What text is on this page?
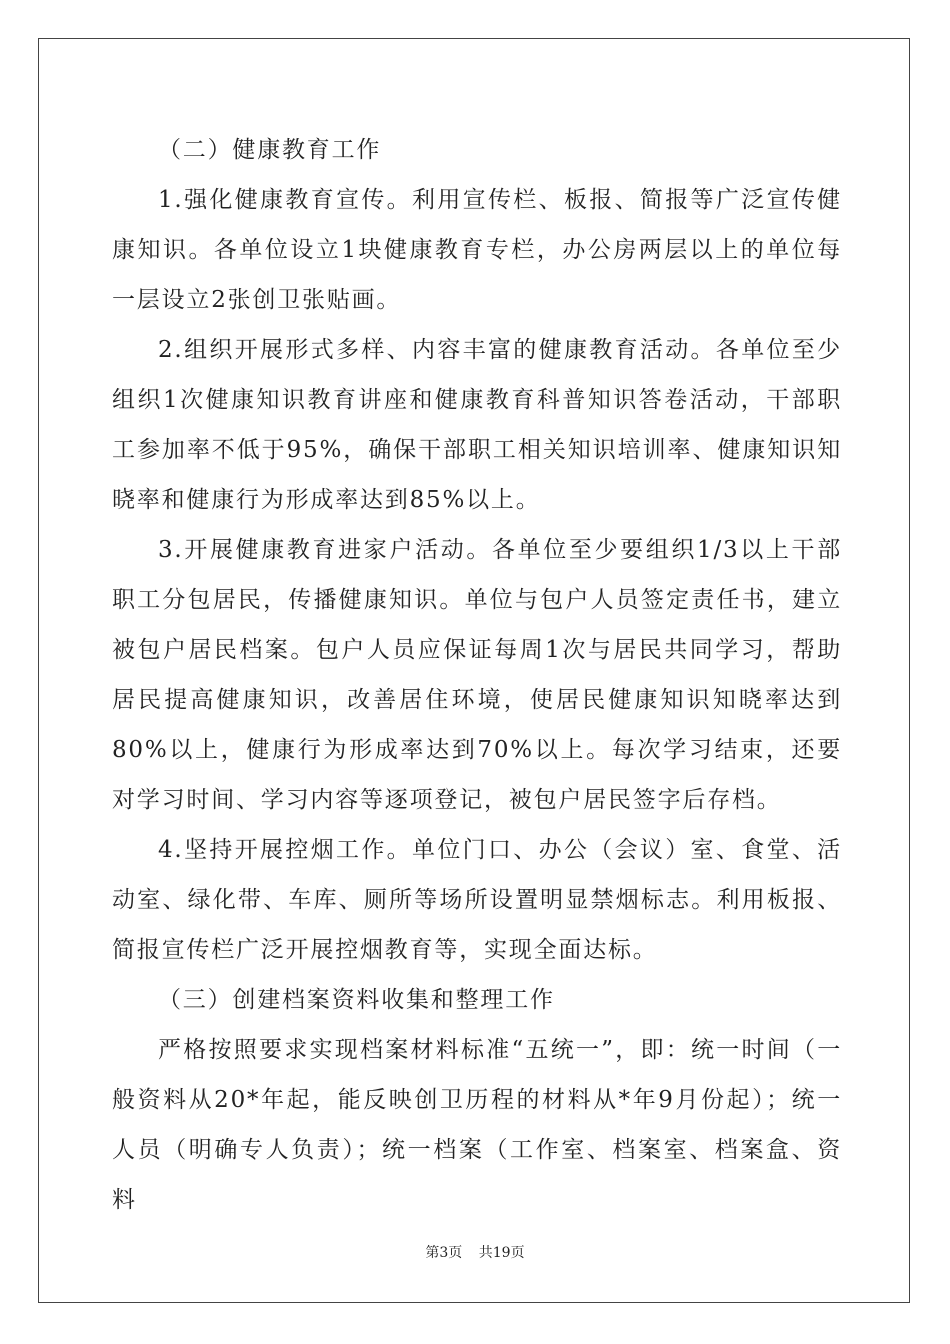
（二）健康教育工作

1.强化健康教育宣传。利用宣传栏、板报、简报等广泛宣传健康知识。各单位设立1块健康教育专栏，办公房两层以上的单位每一层设立2张创卫张贴画。

2.组织开展形式多样、内容丰富的健康教育活动。各单位至少组织1次健康知识教育讲座和健康教育科普知识答卷活动，干部职工参加率不低于95%，确保干部职工相关知识培训率、健康知识知晓率和健康行为形成率达到85%以上。

3.开展健康教育进家户活动。各单位至少要组织1/3以上干部职工分包居民，传播健康知识。单位与包户人员签定责任书，建立被包户居民档案。包户人员应保证每周1次与居民共同学习，帮助居民提高健康知识，改善居住环境，使居民健康知识知晓率达到80%以上，健康行为形成率达到70%以上。每次学习结束，还要对学习时间、学习内容等逐项登记，被包户居民签字后存档。

4.坚持开展控烟工作。单位门口、办公（会议）室、食堂、活动室、绿化带、车库、厕所等场所设置明显禁烟标志。利用板报、简报宣传栏广泛开展控烟教育等，实现全面达标。

（三）创建档案资料收集和整理工作

严格按照要求实现档案材料标准“五统一”，即：统一时间（一般资料从20*年起，能反映创卫历程的材料从*年9月份起）；统一人员（明确专人负责）；统一档案（工作室、档案室、档案盒、资料

第3页 共19页
